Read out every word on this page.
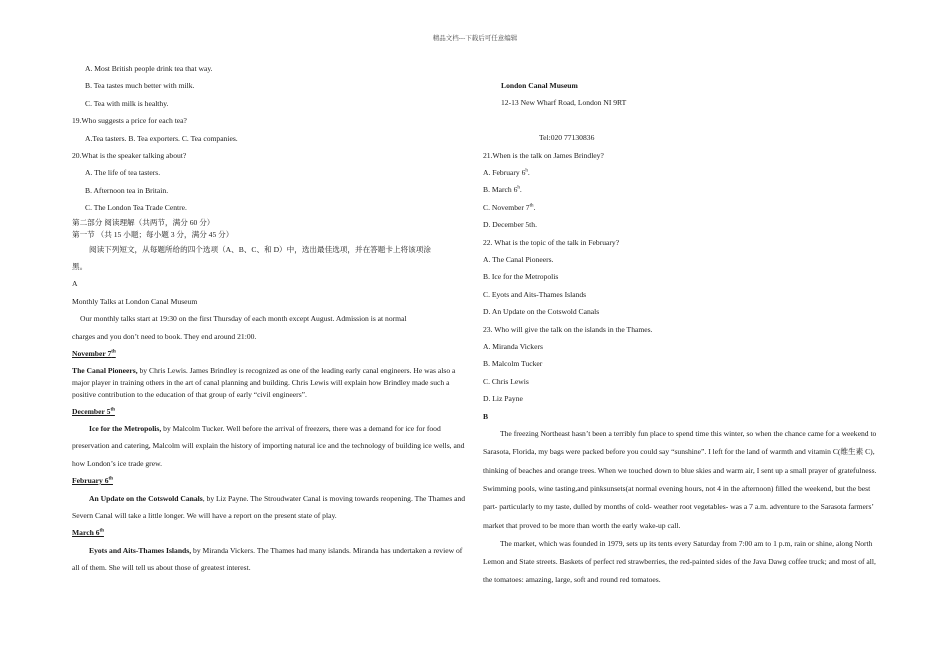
精品文档---下载后可任意编辑

A. Most British people drink tea that way.

B. Tea tastes much better with milk.

C. Tea with milk is healthy.

19.Who suggests a price for each tea?

A.Tea tasters. B. Tea exporters. C. Tea companies.

20.What is the speaker talking about?

A. The life of tea tasters.

B. Afternoon tea in Britain.

C. The London Tea Trade Centre.

第二部分 阅读理解（共两节，满分 60 分）

第一节 （共 15 小题；每小题 3 分，满分 45 分）

阅读下列短文，从每题所给的四个选项（A、B、C、和 D）中，选出最佳选项，并在答题卡上将该项涂

黑。

A

Monthly Talks at London Canal Museum

Our monthly talks start at 19:30 on the first Thursday of each month except August. Admission is at normal

charges and you don’t need to book. They end around 21:00.

November 7th

The Canal Pioneers, by Chris Lewis. James Brindley is recognized as one of the leading early canal engineers. He was also a major player in training others in the art of canal planning and building. Chris Lewis will explain how Brindley made such a positive contribution to the education of that group of early “civil engineers”.

December 5th

Ice for the Metropolis, by Malcolm Tucker. Well before the arrival of freezers, there was a demand for ice for food preservation and catering, Malcolm will explain the history of importing natural ice and the technology of building ice wells, and how London’s ice trade grew.

February 6th

An Update on the Cotswold Canals, by Liz Payne. The Stroudwater Canal is moving towards reopening. The Thames and Severn Canal will take a little longer. We will have a report on the present state of play.

March 6th

Eyots and Aits-Thames Islands, by Miranda Vickers. The Thames had many islands. Miranda has undertaken a review of all of them. She will tell us about those of greatest interest.

London Canal Museum

12-13 New Wharf Road, London NI 9RT

Tel:020 77130836

21.When is the talk on James Brindley?

A. February 6$^h$.

B. March 6$^h$.

C. November 7th.

D. December 5th.

22. What is the topic of the talk in February?

A. The Canal Pioneers.

B. Ice for the Metropolis

C. Eyots and Aits-Thames Islands

D. An Update on the Cotswold Canals

23. Who will give the talk on the islands in the Thames.

A. Miranda Vickers

B. Malcolm Tucker

C. Chris Lewis

D. Liz Payne

B

The freezing Northeast hasn’t been a terribly fun place to spend time this winter, so when the chance came for a weekend to Sarasota, Florida, my bags were packed before you could say “sunshine”. I left for the land of warmth and vitamin C(维生素 C), thinking of beaches and orange trees. When we touched down to blue skies and warm air, I sent up a small prayer of gratefulness. Swimming pools, wine tasting,and pinksunsets(at normal evening hours, not 4 in the afternoon) filled the weekend, but the best part- particularly to my taste, dulled by months of cold- weather root vegetables- was a 7 a.m. adventure to the Sarasota farmers’ market that proved to be more than worth the early wake-up call.

The market, which was founded in 1979, sets up its tents every Saturday from 7:00 am to 1 p.m, rain or shine, along North Lemon and State streets. Baskets of perfect red strawberries, the red-painted sides of the Java Dawg coffee truck; and most of all, the tomatoes: amazing, large, soft and round red tomatoes.
